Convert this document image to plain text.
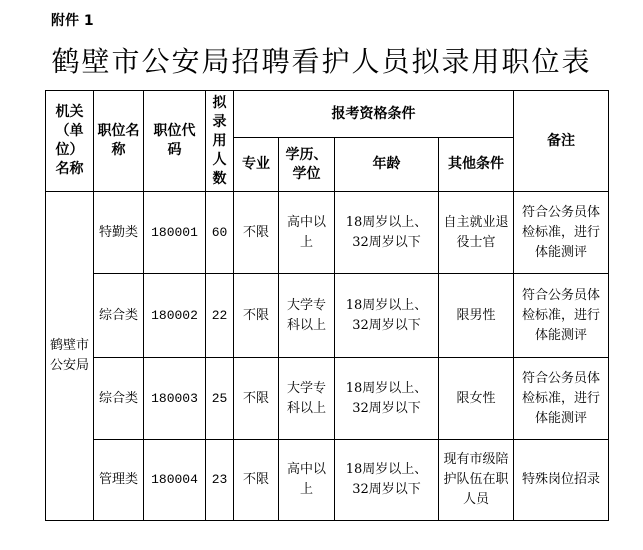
附件 1
鹤壁市公安局招聘看护人员拟录用职位表
机关（单位）名称	职位名称	职位代码	拟录用人数	报考资格条件				备注
				专业	学历、学位	年龄	其他条件	
鹤壁市公安局	特勤类	180001	60	不限	高中以上	18周岁以上、32周岁以下	自主就业退役士官	符合公务员体检标准，进行体能测评
	综合类	180002	22	不限	大学专科以上	18周岁以上、32周岁以下	限男性	符合公务员体检标准，进行体能测评
	综合类	180003	25	不限	大学专科以上	18周岁以上、32周岁以下	限女性	符合公务员体检标准，进行体能测评
	管理类	180004	23	不限	高中以上	18周岁以上、32周岁以下	现有市级陪护队伍在职人员	特殊岗位招录
